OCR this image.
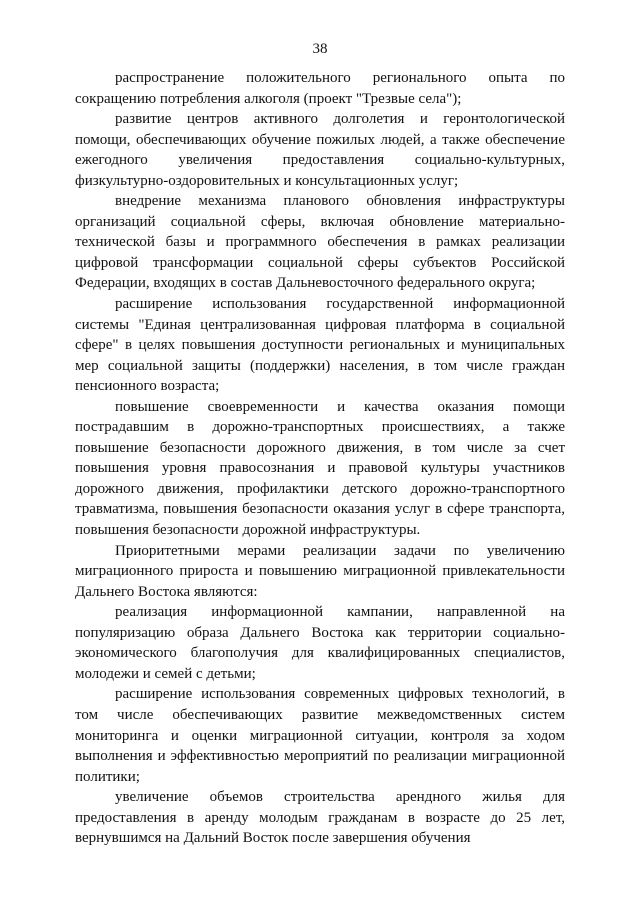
38

распространение положительного регионального опыта по сокращению потребления алкоголя (проект "Трезвые села");

развитие центров активного долголетия и геронтологической помощи, обеспечивающих обучение пожилых людей, а также обеспечение ежегодного увеличения предоставления социально-культурных, физкультурно-оздоровительных и консультационных услуг;

внедрение механизма планового обновления инфраструктуры организаций социальной сферы, включая обновление материально-технической базы и программного обеспечения в рамках реализации цифровой трансформации социальной сферы субъектов Российской Федерации, входящих в состав Дальневосточного федерального округа;

расширение использования государственной информационной системы "Единая централизованная цифровая платформа в социальной сфере" в целях повышения доступности региональных и муниципальных мер социальной защиты (поддержки) населения, в том числе граждан пенсионного возраста;

повышение своевременности и качества оказания помощи пострадавшим в дорожно-транспортных происшествиях, а также повышение безопасности дорожного движения, в том числе за счет повышения уровня правосознания и правовой культуры участников дорожного движения, профилактики детского дорожно-транспортного травматизма, повышения безопасности оказания услуг в сфере транспорта, повышения безопасности дорожной инфраструктуры.

Приоритетными мерами реализации задачи по увеличению миграционного прироста и повышению миграционной привлекательности Дальнего Востока являются:

реализация информационной кампании, направленной на популяризацию образа Дальнего Востока как территории социально-экономического благополучия для квалифицированных специалистов, молодежи и семей с детьми;

расширение использования современных цифровых технологий, в том числе обеспечивающих развитие межведомственных систем мониторинга и оценки миграционной ситуации, контроля за ходом выполнения и эффективностью мероприятий по реализации миграционной политики;

увеличение объемов строительства арендного жилья для предоставления в аренду молодым гражданам в возрасте до 25 лет, вернувшимся на Дальний Восток после завершения обучения
